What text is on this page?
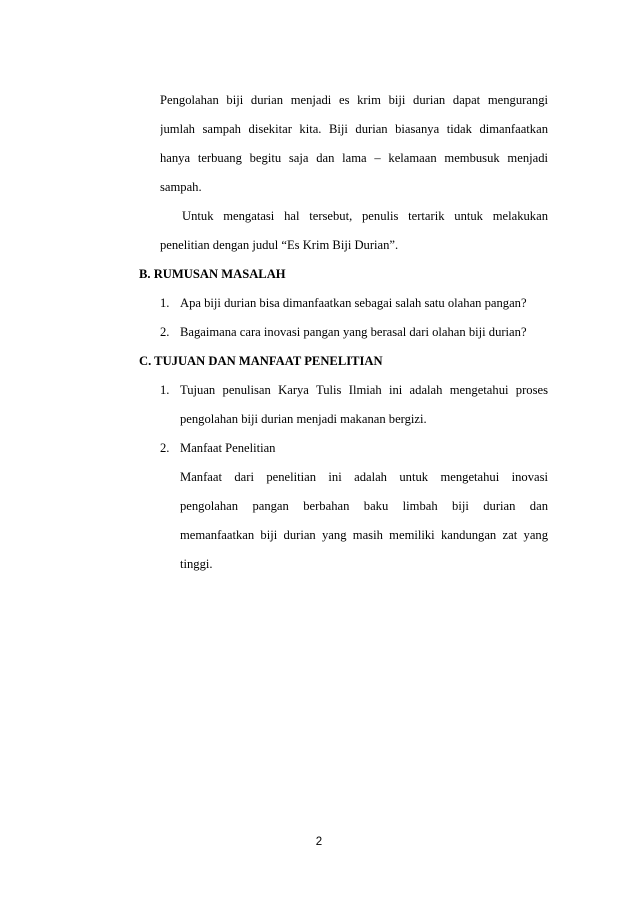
Pengolahan biji durian menjadi es krim biji durian dapat mengurangi
jumlah sampah disekitar kita. Biji durian biasanya tidak dimanfaatkan
hanya terbuang begitu saja dan lama – kelamaan membusuk menjadi
sampah.
Untuk mengatasi hal tersebut, penulis tertarik untuk melakukan
penelitian dengan judul “Es Krim Biji Durian”.
B. RUMUSAN MASALAH
1. Apa biji durian bisa dimanfaatkan sebagai salah satu olahan pangan?
2. Bagaimana cara inovasi pangan yang berasal dari olahan biji durian?
C. TUJUAN DAN MANFAAT PENELITIAN
1. Tujuan penulisan Karya Tulis Ilmiah ini adalah mengetahui proses
pengolahan biji durian menjadi makanan bergizi.
2. Manfaat Penelitian
Manfaat dari penelitian ini adalah untuk mengetahui inovasi
pengolahan pangan berbahan baku limbah biji durian dan
memanfaatkan biji durian yang masih memiliki kandungan zat yang
tinggi.
2
